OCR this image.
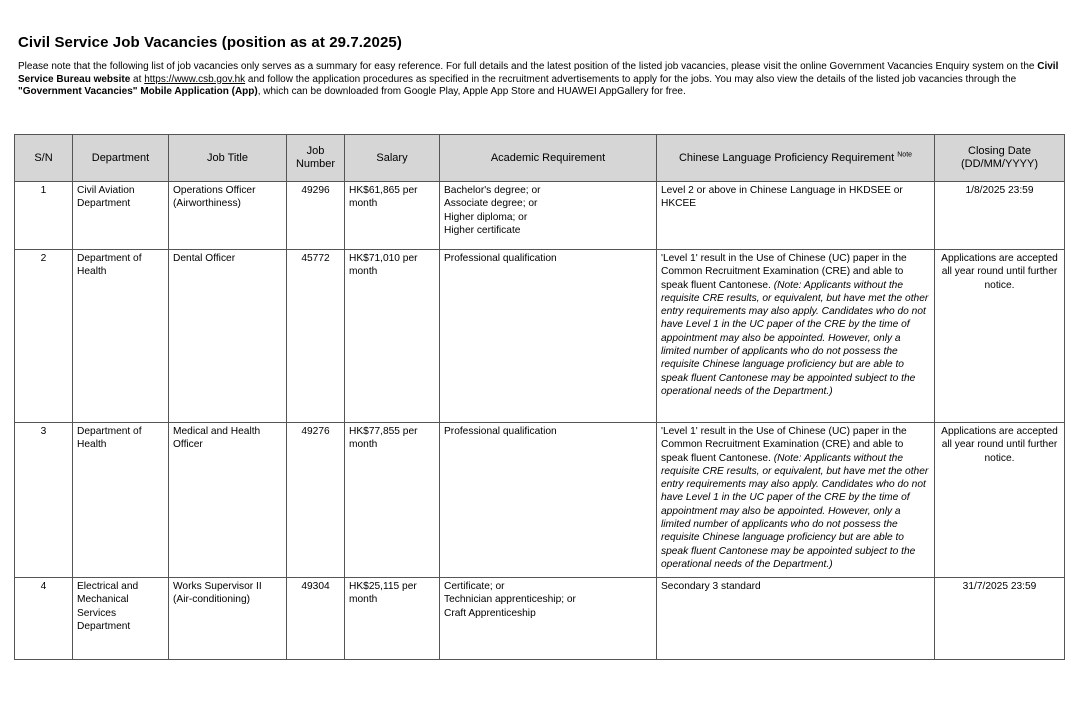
Civil Service Job Vacancies (position as at 29.7.2025)

Please note that the following list of job vacancies only serves as a summary for easy reference. For full details and the latest position of the listed job vacancies, please visit the online Government Vacancies Enquiry system on the Civil Service Bureau website at https://www.csb.gov.hk and follow the application procedures as specified in the recruitment advertisements to apply for the jobs. You may also view the details of the listed job vacancies through the "Government Vacancies" Mobile Application (App), which can be downloaded from Google Play, Apple App Store and HUAWEI AppGallery for free.

S/N	Department	Job Title	Job Number	Salary	Academic Requirement	Chinese Language Proficiency Requirement $^{Note}$	Closing Date (DD/MM/YYYY)
1	Civil Aviation Department	Operations Officer (Airworthiness)	49296	HK$61,865 per month	Bachelor's degree; or
Associate degree; or
Higher diploma; or
Higher certificate	Level 2 or above in Chinese Language in HKDSEE or HKCEE	1/8/2025 23:59
2	Department of Health	Dental Officer	45772	HK$71,010 per month	Professional qualification	'Level 1' result in the Use of Chinese (UC) paper in the Common Recruitment Examination (CRE) and able to speak fluent Cantonese. (Note: Applicants without the requisite CRE results, or equivalent, but have met the other entry requirements may also apply. Candidates who do not have Level 1 in the UC paper of the CRE by the time of appointment may also be appointed. However, only a limited number of applicants who do not possess the requisite Chinese language proficiency but are able to speak fluent Cantonese may be appointed subject to the operational needs of the Department.)	Applications are accepted all year round until further notice.
3	Department of Health	Medical and Health Officer	49276	HK$77,855 per month	Professional qualification	'Level 1' result in the Use of Chinese (UC) paper in the Common Recruitment Examination (CRE) and able to speak fluent Cantonese. (Note: Applicants without the requisite CRE results, or equivalent, but have met the other entry requirements may also apply. Candidates who do not have Level 1 in the UC paper of the CRE by the time of appointment may also be appointed. However, only a limited number of applicants who do not possess the requisite Chinese language proficiency but are able to speak fluent Cantonese may be appointed subject to the operational needs of the Department.)	Applications are accepted all year round until further notice.
4	Electrical and Mechanical Services Department	Works Supervisor II (Air-conditioning)	49304	HK$25,115 per month	Certificate; or
Technician apprenticeship; or
Craft Apprenticeship	Secondary 3 standard	31/7/2025 23:59
